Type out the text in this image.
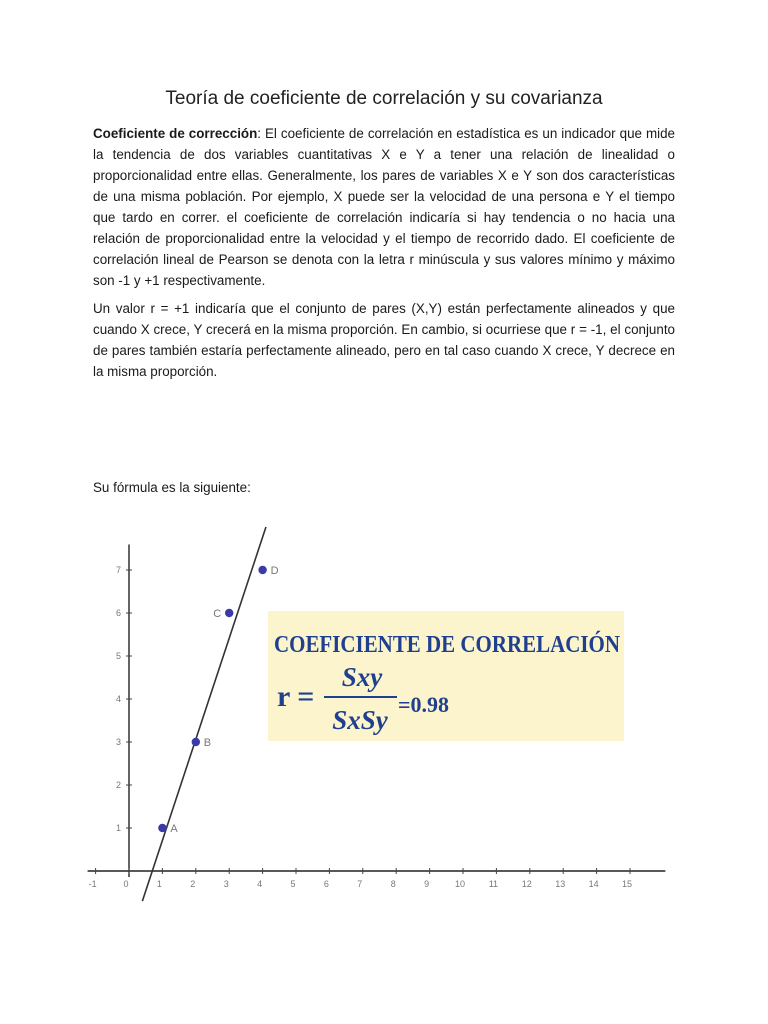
Teoría de coeficiente de correlación y su covarianza

Coeficiente de corrección: El coeficiente de correlación en estadística es un indicador que mide la tendencia de dos variables cuantitativas X e Y a tener una relación de linealidad o proporcionalidad entre ellas. Generalmente, los pares de variables X e Y son dos características de una misma población. Por ejemplo, X puede ser la velocidad de una persona e Y el tiempo que tardo en correr. el coeficiente de correlación indicaría si hay tendencia o no hacia una relación de proporcionalidad entre la velocidad y el tiempo de recorrido dado. El coeficiente de correlación lineal de Pearson se denota con la letra r minúscula y sus valores mínimo y máximo son -1 y +1 respectivamente.

Un valor r = +1 indicaría que el conjunto de pares (X,Y) están perfectamente alineados y que cuando X crece, Y crecerá en la misma proporción. En cambio, si ocurriese que r = -1, el conjunto de pares también estaría perfectamente alineado, pero en tal caso cuando X crece, Y decrece en la misma proporción.

Su fórmula es la siguiente:
-1	0	1	2	3	4	5	6	7	8	9	10	11	12	13	14	15
1
2
3
4
5
6
7
A
B
C
D
COEFICIENTE DE CORRELACIÓN
r =
Sxy
SxSy
=0.98
